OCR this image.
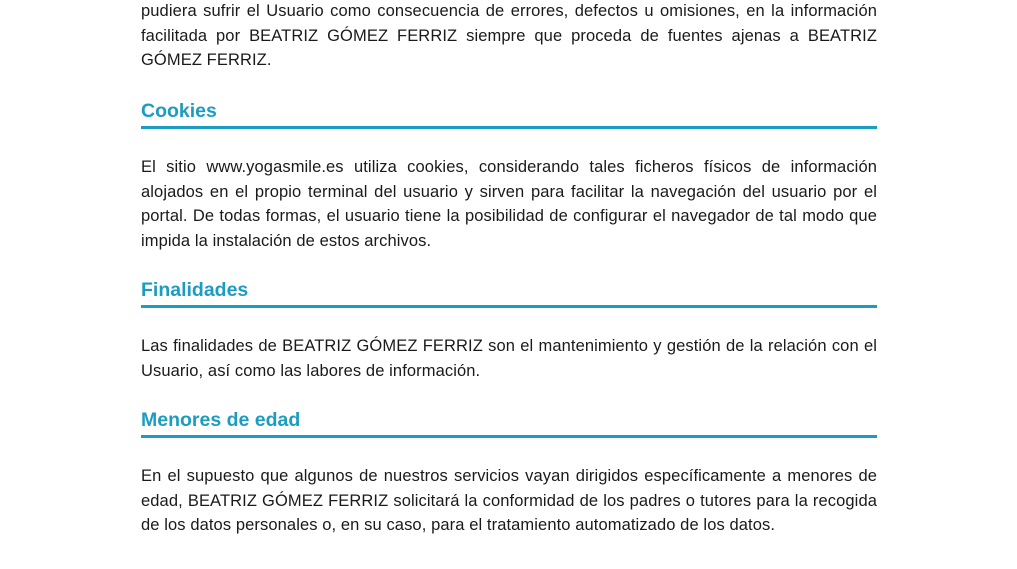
pudiera sufrir el Usuario como consecuencia de errores, defectos u omisiones, en la información facilitada por BEATRIZ GÓMEZ FERRIZ siempre que proceda de fuentes ajenas a BEATRIZ GÓMEZ FERRIZ.

Cookies

El sitio www.yogasmile.es utiliza cookies, considerando tales ficheros físicos de información alojados en el propio terminal del usuario y sirven para facilitar la navegación del usuario por el portal. De todas formas, el usuario tiene la posibilidad de configurar el navegador de tal modo que impida la instalación de estos archivos.

Finalidades

Las finalidades de BEATRIZ GÓMEZ FERRIZ son el mantenimiento y gestión de la relación con el Usuario, así como las labores de información.

Menores de edad

En el supuesto que algunos de nuestros servicios vayan dirigidos específicamente a menores de edad, BEATRIZ GÓMEZ FERRIZ solicitará la conformidad de los padres o tutores para la recogida de los datos personales o, en su caso, para el tratamiento automatizado de los datos.
